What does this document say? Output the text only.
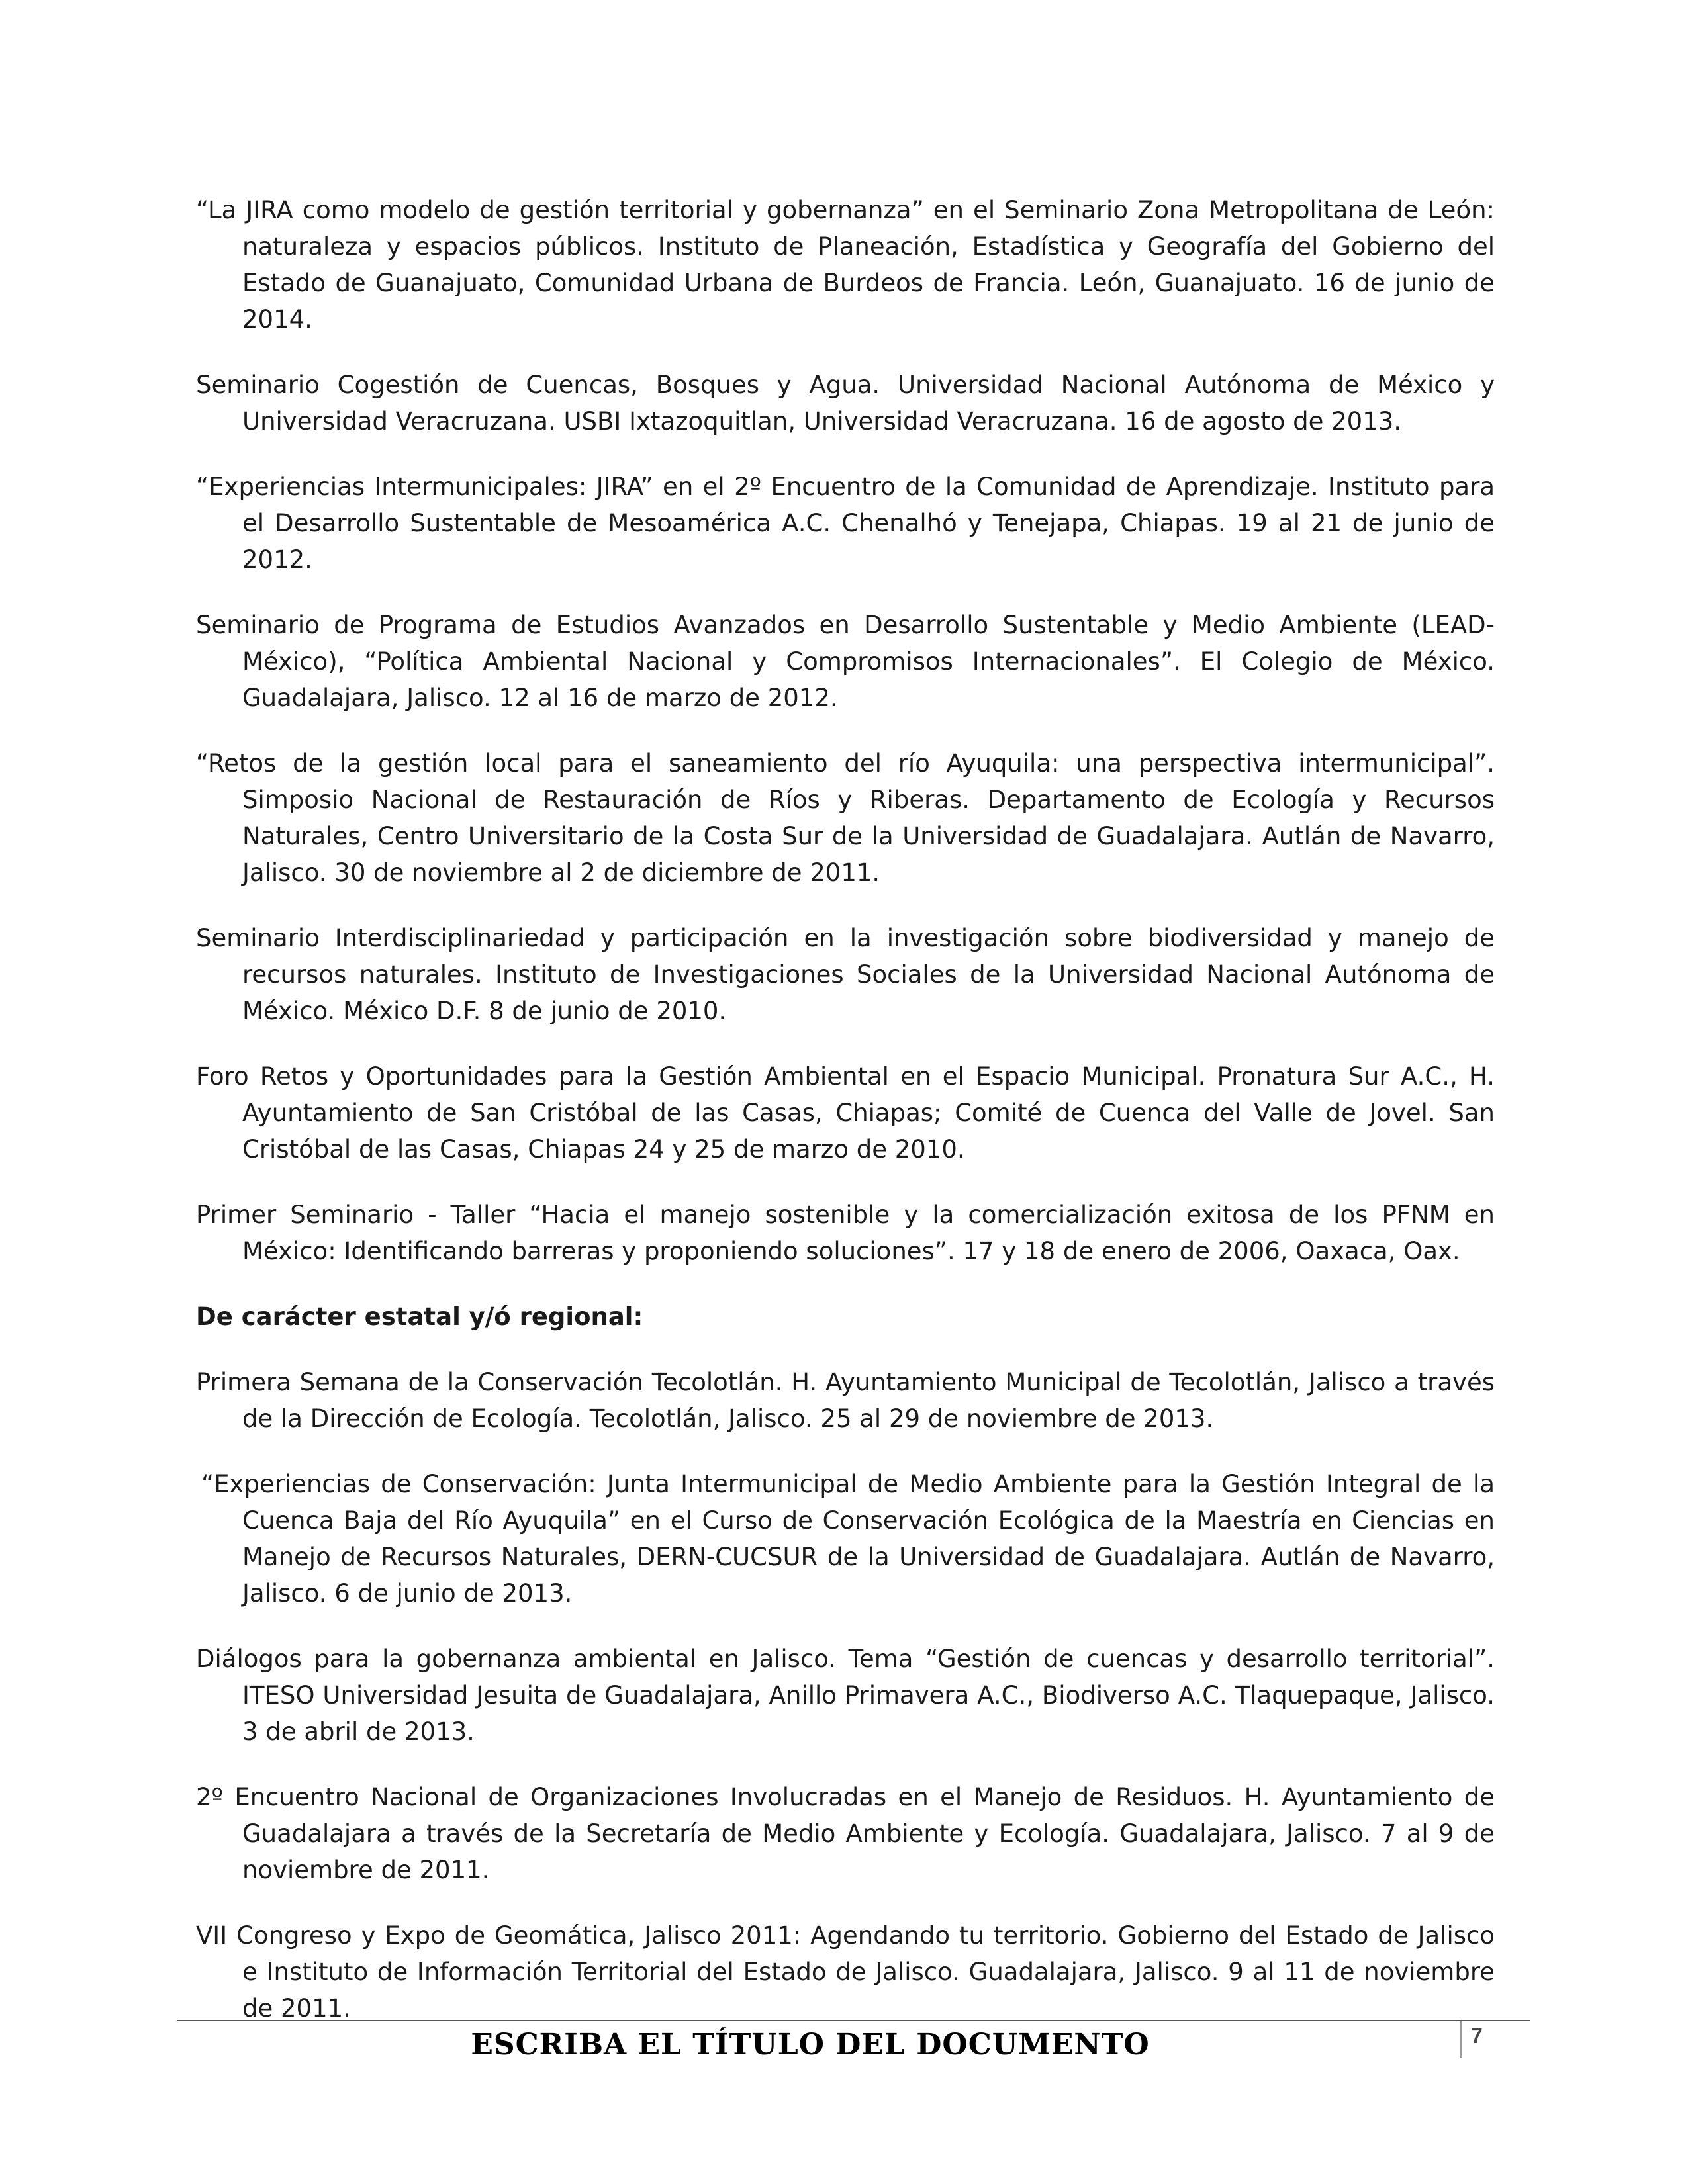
“La JIRA como modelo de gestión territorial y gobernanza” en el Seminario Zona Metropolitana de León: naturaleza y espacios públicos. Instituto de Planeación, Estadística y Geografía del Gobierno del Estado de Guanajuato, Comunidad Urbana de Burdeos de Francia. León, Guanajuato. 16 de junio de 2014.

Seminario Cogestión de Cuencas, Bosques y Agua. Universidad Nacional Autónoma de México y Universidad Veracruzana. USBI Ixtazoquitlan, Universidad Veracruzana. 16 de agosto de 2013.

“Experiencias Intermunicipales: JIRA” en el 2º Encuentro de la Comunidad de Aprendizaje. Instituto para el Desarrollo Sustentable de Mesoamérica A.C. Chenalhó y Tenejapa, Chiapas. 19 al 21 de junio de 2012.

Seminario de Programa de Estudios Avanzados en Desarrollo Sustentable y Medio Ambiente (LEAD-México), “Política Ambiental Nacional y Compromisos Internacionales”. El Colegio de México. Guadalajara, Jalisco. 12 al 16 de marzo de 2012.

“Retos de la gestión local para el saneamiento del río Ayuquila: una perspectiva intermunicipal”. Simposio Nacional de Restauración de Ríos y Riberas. Departamento de Ecología y Recursos Naturales, Centro Universitario de la Costa Sur de la Universidad de Guadalajara. Autlán de Navarro, Jalisco. 30 de noviembre al 2 de diciembre de 2011.

Seminario Interdisciplinariedad y participación en la investigación sobre biodiversidad y manejo de recursos naturales. Instituto de Investigaciones Sociales de la Universidad Nacional Autónoma de México. México D.F. 8 de junio de 2010.

Foro Retos y Oportunidades para la Gestión Ambiental en el Espacio Municipal. Pronatura Sur A.C., H. Ayuntamiento de San Cristóbal de las Casas, Chiapas; Comité de Cuenca del Valle de Jovel. San Cristóbal de las Casas, Chiapas 24 y 25 de marzo de 2010.

Primer Seminario - Taller “Hacia el manejo sostenible y la comercialización exitosa de los PFNM en México: Identificando barreras y proponiendo soluciones”. 17 y 18 de enero de 2006, Oaxaca, Oax.

De carácter estatal y/ó regional:

Primera Semana de la Conservación Tecolotlán. H. Ayuntamiento Municipal de Tecolotlán, Jalisco a través de la Dirección de Ecología. Tecolotlán, Jalisco. 25 al 29 de noviembre de 2013.

“Experiencias de Conservación: Junta Intermunicipal de Medio Ambiente para la Gestión Integral de la Cuenca Baja del Río Ayuquila” en el Curso de Conservación Ecológica de la Maestría en Ciencias en Manejo de Recursos Naturales, DERN-CUCSUR de la Universidad de Guadalajara. Autlán de Navarro, Jalisco. 6 de junio de 2013.

Diálogos para la gobernanza ambiental en Jalisco. Tema “Gestión de cuencas y desarrollo territorial”. ITESO Universidad Jesuita de Guadalajara, Anillo Primavera A.C., Biodiverso A.C. Tlaquepaque, Jalisco. 3 de abril de 2013.

2º Encuentro Nacional de Organizaciones Involucradas en el Manejo de Residuos. H. Ayuntamiento de Guadalajara a través de la Secretaría de Medio Ambiente y Ecología. Guadalajara, Jalisco. 7 al 9 de noviembre de 2011.

VII Congreso y Expo de Geomática, Jalisco 2011: Agendando tu territorio. Gobierno del Estado de Jalisco e Instituto de Información Territorial del Estado de Jalisco. Guadalajara, Jalisco. 9 al 11 de noviembre de 2011.

ESCRIBA EL TÍTULO DEL DOCUMENTO	7
